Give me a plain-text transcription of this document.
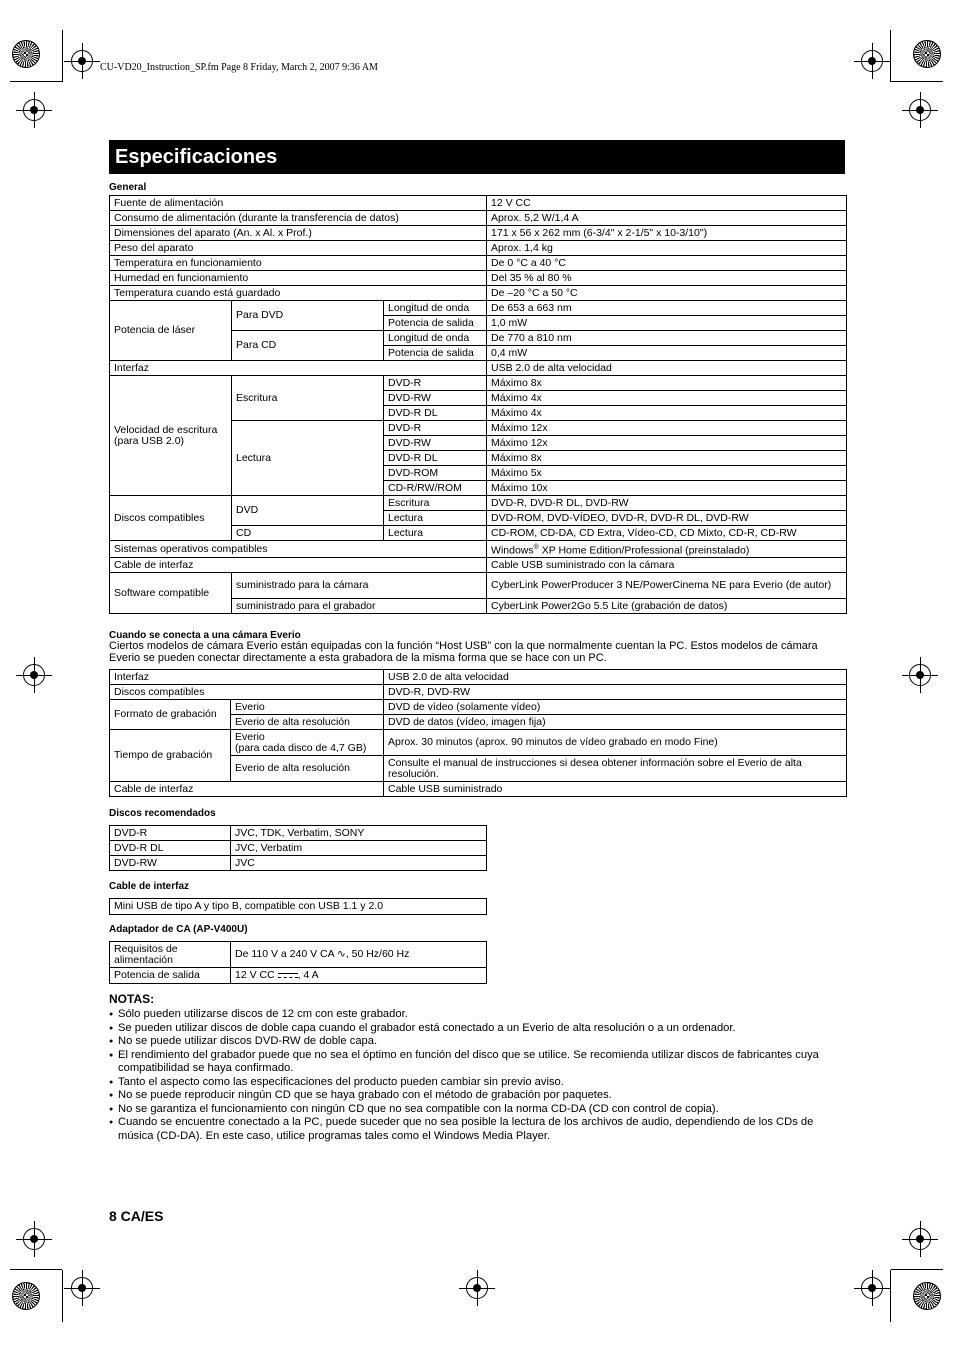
CU-VD20_Instruction_SP.fm Page 8 Friday, March 2, 2007 9:36 AM
Especificaciones
General
Fuente de alimentación			12 V CC
Consumo de alimentación (durante la transferencia de datos)			Aprox. 5,2 W/1,4 A
Dimensiones del aparato (An. x Al. x Prof.)			171 x 56 x 262 mm (6-3/4" x 2-1/5" x 10-3/10")
Peso del aparato			Aprox. 1,4 kg
Temperatura en funcionamiento			De 0 °C a 40 °C
Humedad en funcionamiento			Del 35 % al 80 %
Temperatura cuando está guardado			De –20 °C a 50 °C
Potencia de láser	Para DVD	Longitud de onda	De 653 a 663 nm
		Potencia de salida	1,0 mW
	Para CD	Longitud de onda	De 770 a 810 nm
		Potencia de salida	0,4 mW
Interfaz			USB 2.0 de alta velocidad
Velocidad de escritura
(para USB 2.0)	Escritura	DVD-R	Máximo 8x
		DVD-RW	Máximo 4x
		DVD-R DL	Máximo 4x
	Lectura	DVD-R	Máximo 12x
		DVD-RW	Máximo 12x
		DVD-R DL	Máximo 8x
		DVD-ROM	Máximo 5x
		CD-R/RW/ROM	Máximo 10x
Discos compatibles	DVD	Escritura	DVD-R, DVD-R DL, DVD-RW
		Lectura	DVD-ROM, DVD-VÍDEO, DVD-R, DVD-R DL, DVD-RW
	CD	Lectura	CD-ROM, CD-DA, CD Extra, Vídeo-CD, CD Mixto, CD-R, CD-RW
Sistemas operativos compatibles			Windows® XP Home Edition/Professional (preinstalado)
Cable de interfaz			Cable USB suministrado con la cámara
Software compatible	suministrado para la cámara		CyberLink PowerProducer 3 NE/PowerCinema NE para Everio (de autor)
	suministrado para el grabador		CyberLink Power2Go 5.5 Lite (grabación de datos)
Cuando se conecta a una cámara Everio
Ciertos modelos de cámara Everio están equipadas con la función “Host USB” con la que normalmente cuentan la PC. Estos modelos de cámara Everio se pueden conectar directamente a esta grabadora de la misma forma que se hace con un PC.
Interfaz		USB 2.0 de alta velocidad
Discos compatibles		DVD-R, DVD-RW
Formato de grabación	Everio	DVD de vídeo (solamente vídeo)
	Everio de alta resolución	DVD de datos (vídeo, imagen fija)
Tiempo de grabación	Everio
(para cada disco de 4,7 GB)	Aprox. 30 minutos (aprox. 90 minutos de vídeo grabado en modo Fine)
	Everio de alta resolución	Consulte el manual de instrucciones si desea obtener información sobre el Everio de alta resolución.
Cable de interfaz		Cable USB suministrado
Discos recomendados
DVD-R	JVC, TDK, Verbatim, SONY
DVD-R DL	JVC, Verbatim
DVD-RW	JVC
Cable de interfaz
Mini USB de tipo A y tipo B, compatible con USB 1.1 y 2.0
Adaptador de CA (AP-V400U)
Requisitos de alimentación	De 110 V a 240 V CA ∿, 50 Hz/60 Hz
Potencia de salida	12 V CC , 4 A
NOTAS:
● Sólo pueden utilizarse discos de 12 cm con este grabador.
● Se pueden utilizar discos de doble capa cuando el grabador está conectado a un Everio de alta resolución o a un ordenador.
● No se puede utilizar discos DVD-RW de doble capa.
● El rendimiento del grabador puede que no sea el óptimo en función del disco que se utilice. Se recomienda utilizar discos de fabricantes cuya compatibilidad se haya confirmado.
● Tanto el aspecto como las especificaciones del producto pueden cambiar sin previo aviso.
● No se puede reproducir ningún CD que se haya grabado con el método de grabación por paquetes.
● No se garantiza el funcionamiento con ningún CD que no sea compatible con la norma CD-DA (CD con control de copia).
● Cuando se encuentre conectado a la PC, puede suceder que no sea posible la lectura de los archivos de audio, dependiendo de los CDs de música (CD-DA). En este caso, utilice programas tales como el Windows Media Player.
8 CA/ES
